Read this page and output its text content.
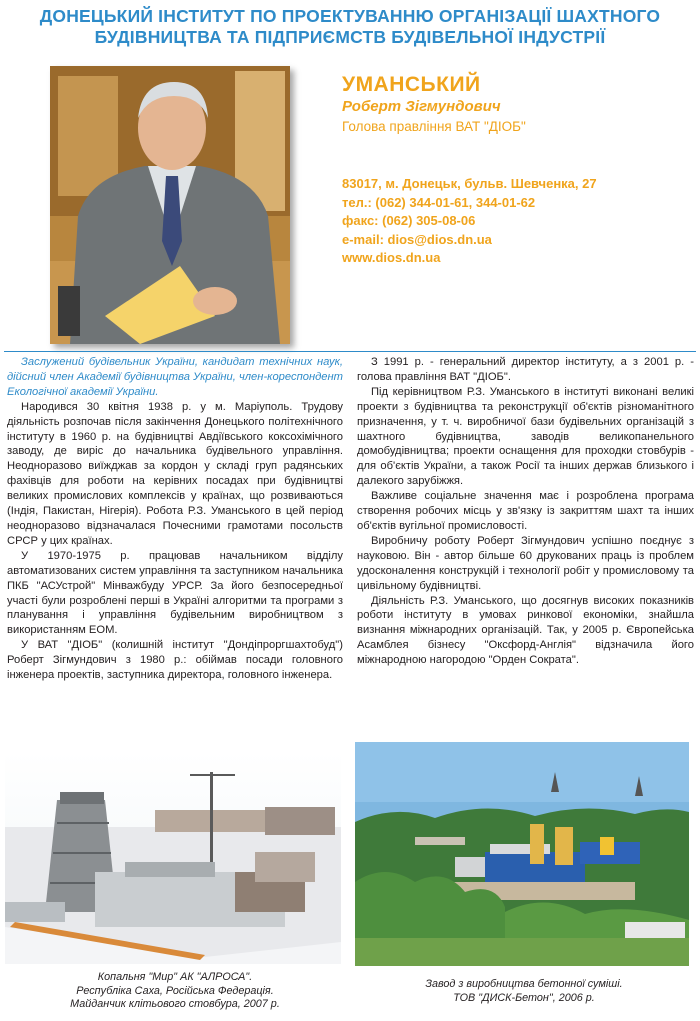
ДОНЕЦЬКИЙ ІНСТИТУТ ПО ПРОЕКТУВАННЮ ОРГАНІЗАЦІЇ ШАХТНОГО
БУДІВНИЦТВА ТА ПІДПРИЄМСТВ БУДІВЕЛЬНОЇ ІНДУСТРІЇ
УМАНСЬКИЙ
Роберт Зігмундович
Голова правління ВАТ "ДІОБ"
83017, м. Донецьк, бульв. Шевченка, 27
тел.: (062) 344-01-61, 344-01-62
факс: (062) 305-08-06
e-mail: dios@dios.dn.ua
www.dios.dn.ua

Заслужений будівельник України, кандидат технічних наук, дійсний член Академії будівництва України, член-кореспондент Екологічної академії України.

Народився 30 квітня 1938 р. у м. Маріуполь. Трудову діяльність розпочав після закінчення Донецького політехнічного інституту в 1960 р. на будівництві Авдіївського коксохімічного заводу, де виріс до начальника будівельного управління. Неодноразово виїжджав за кордон у складі груп радянських фахівців для роботи на керівних посадах при будівництві великих промислових комплексів у країнах, що розвиваються (Індія, Пакистан, Нігерія). Робота Р.З. Уманського в цей період неодноразово відзначалася Почесними грамотами посольств СРСР у цих країнах.

У 1970-1975 р. працював начальником відділу автоматизованих систем управління та заступником начальника ПКБ "АСУстрой" Мінважбуду УРСР. За його безпосередньої участі були розроблені перші в Україні алгоритми та програми з планування і управління будівельним виробництвом з використанням ЕОМ.

У ВАТ "ДІОБ" (колишній інститут "Дондіпроргшахтобуд") Роберт Зігмундович з 1980 р.: обіймав посади головного інженера проектів, заступника директора, головного інженера.

З 1991 р. - генеральний директор інституту, а з 2001 р. - голова правління ВАТ "ДІОБ".

Під керівництвом Р.З. Уманського в інституті виконані великі проекти з будівництва та реконструкції об'єктів різноманітного призначення, у т. ч. виробничої бази будівельних організацій з шахтного будівництва, заводів великопанельного домобудівництва; проекти оснащення для проходки стовбурів - для об'єктів України, а також Росії та інших держав близького і далекого зарубіжжя.

Важливе соціальне значення має і розроблена програма створення робочих місць у зв'язку із закриттям шахт та інших об'єктів вугільної промисловості.

Виробничу роботу Роберт Зігмундович успішно поєднує з науковою. Він - автор більше 60 друкованих праць із проблем удосконалення конструкцій і технології робіт у промисловому та цивільному будівництві.

Діяльність Р.З. Уманського, що досягнув високих показників роботи інституту в умовах ринкової економіки, знайшла визнання міжнародних організацій. Так, у 2005 р. Європейська Асамблея бізнесу "Оксфорд-Англія" відзначила його міжнародною нагородою "Орден Сократа".

Копальня "Мир" АК "АЛРОСА".
Республіка Саха, Російська Федерація.
Майданчик клітьового стовбура, 2007 р.
Завод з виробництва бетонної суміші.
ТОВ "ДИСК-Бетон", 2006 р.
